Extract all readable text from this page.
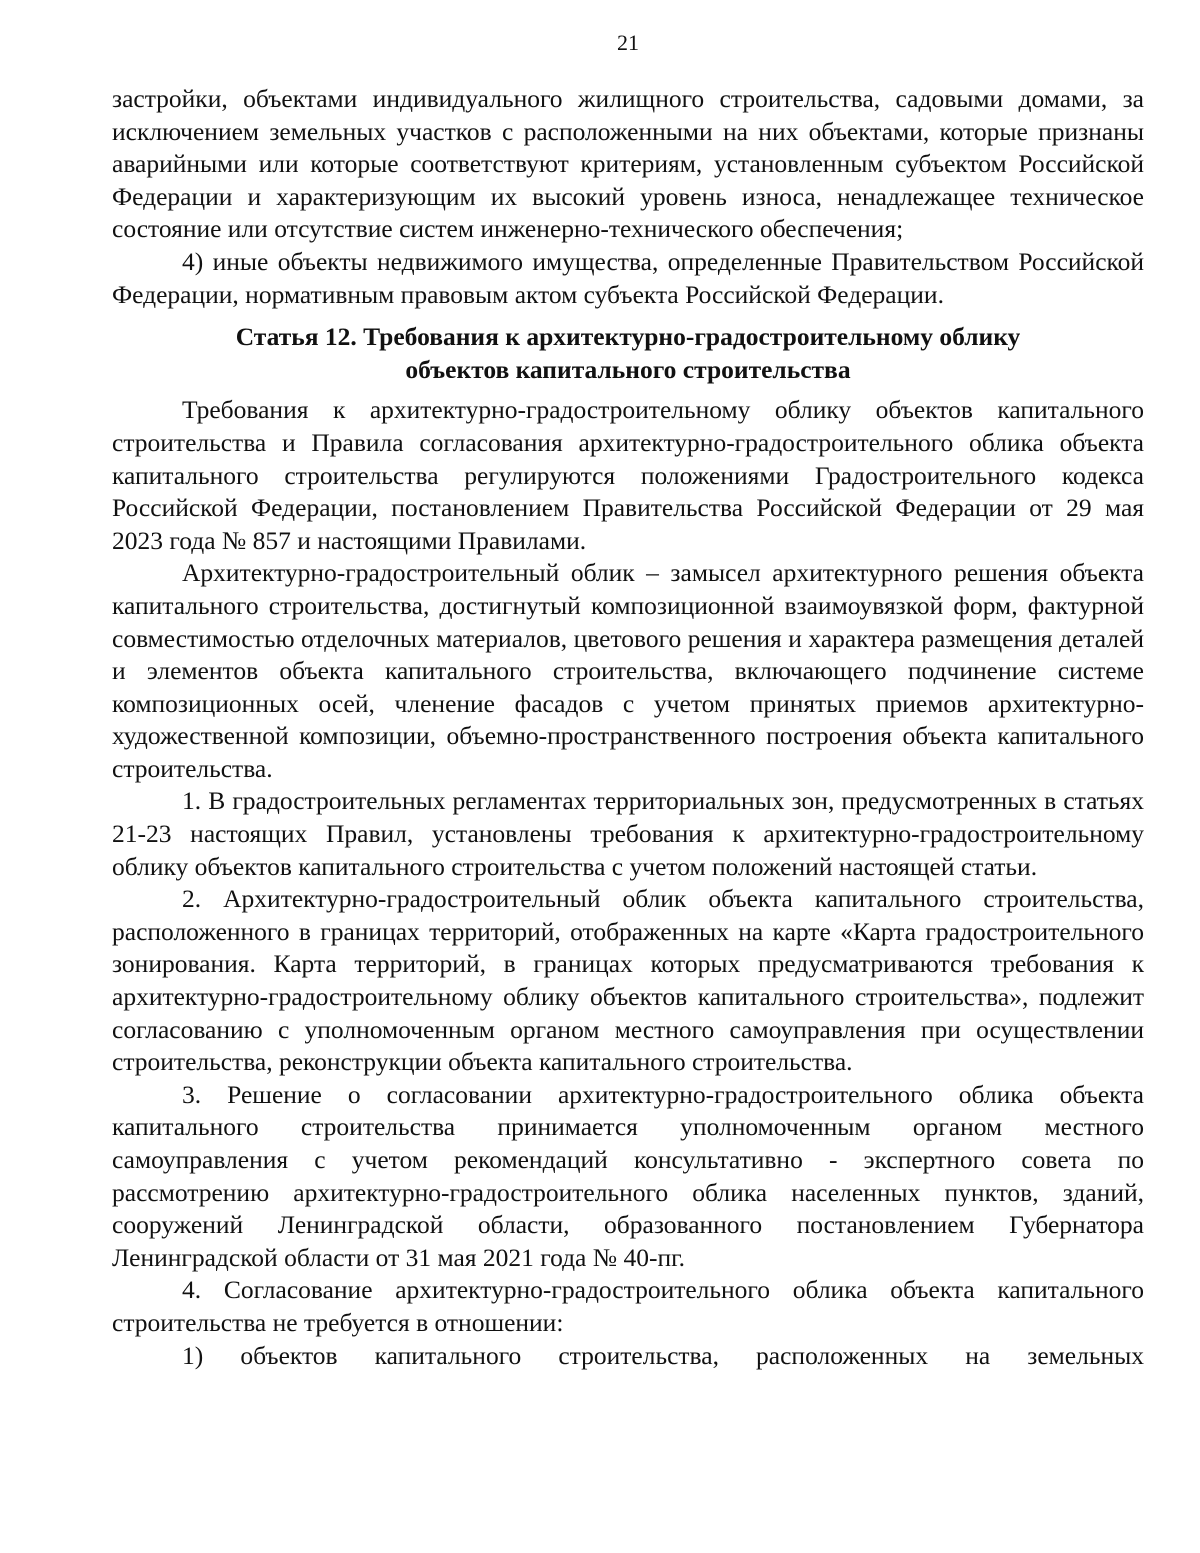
21

застройки, объектами индивидуального жилищного строительства, садовыми домами, за исключением земельных участков с расположенными на них объектами, которые признаны аварийными или которые соответствуют критериям, установленным субъектом Российской Федерации и характеризующим их высокий уровень износа, ненадлежащее техническое состояние или отсутствие систем инженерно-технического обеспечения;

4) иные объекты недвижимого имущества, определенные Правительством Российской Федерации, нормативным правовым актом субъекта Российской Федерации.

Статья 12. Требования к архитектурно-градостроительному облику
объектов капитального строительства

Требования к архитектурно-градостроительному облику объектов капитального строительства и Правила согласования архитектурно-градостроительного облика объекта капитального строительства регулируются положениями Градостроительного кодекса Российской Федерации, постановлением Правительства Российской Федерации от 29 мая 2023 года № 857 и настоящими Правилами.

Архитектурно-градостроительный облик – замысел архитектурного решения объекта капитального строительства, достигнутый композиционной взаимоувязкой форм, фактурной совместимостью отделочных материалов, цветового решения и характера размещения деталей и элементов объекта капитального строительства, включающего подчинение системе композиционных осей, членение фасадов с учетом принятых приемов архитектурно-художественной композиции, объемно-пространственного построения объекта капитального строительства.

1. В градостроительных регламентах территориальных зон, предусмотренных в статьях 21-23 настоящих Правил, установлены требования к архитектурно-градостроительному облику объектов капитального строительства с учетом положений настоящей статьи.

2. Архитектурно-градостроительный облик объекта капитального строительства, расположенного в границах территорий, отображенных на карте «Карта градостроительного зонирования. Карта территорий, в границах которых предусматриваются требования к архитектурно-градостроительному облику объектов капитального строительства», подлежит согласованию с уполномоченным органом местного самоуправления при осуществлении строительства, реконструкции объекта капитального строительства.

3. Решение о согласовании архитектурно-градостроительного облика объекта капитального строительства принимается уполномоченным органом местного самоуправления с учетом рекомендаций консультативно - экспертного совета по рассмотрению архитектурно-градостроительного облика населенных пунктов, зданий, сооружений Ленинградской области, образованного постановлением Губернатора Ленинградской области от 31 мая 2021 года № 40-пг.

4. Согласование архитектурно-градостроительного облика объекта капитального строительства не требуется в отношении:

1) объектов капитального строительства, расположенных на земельных
